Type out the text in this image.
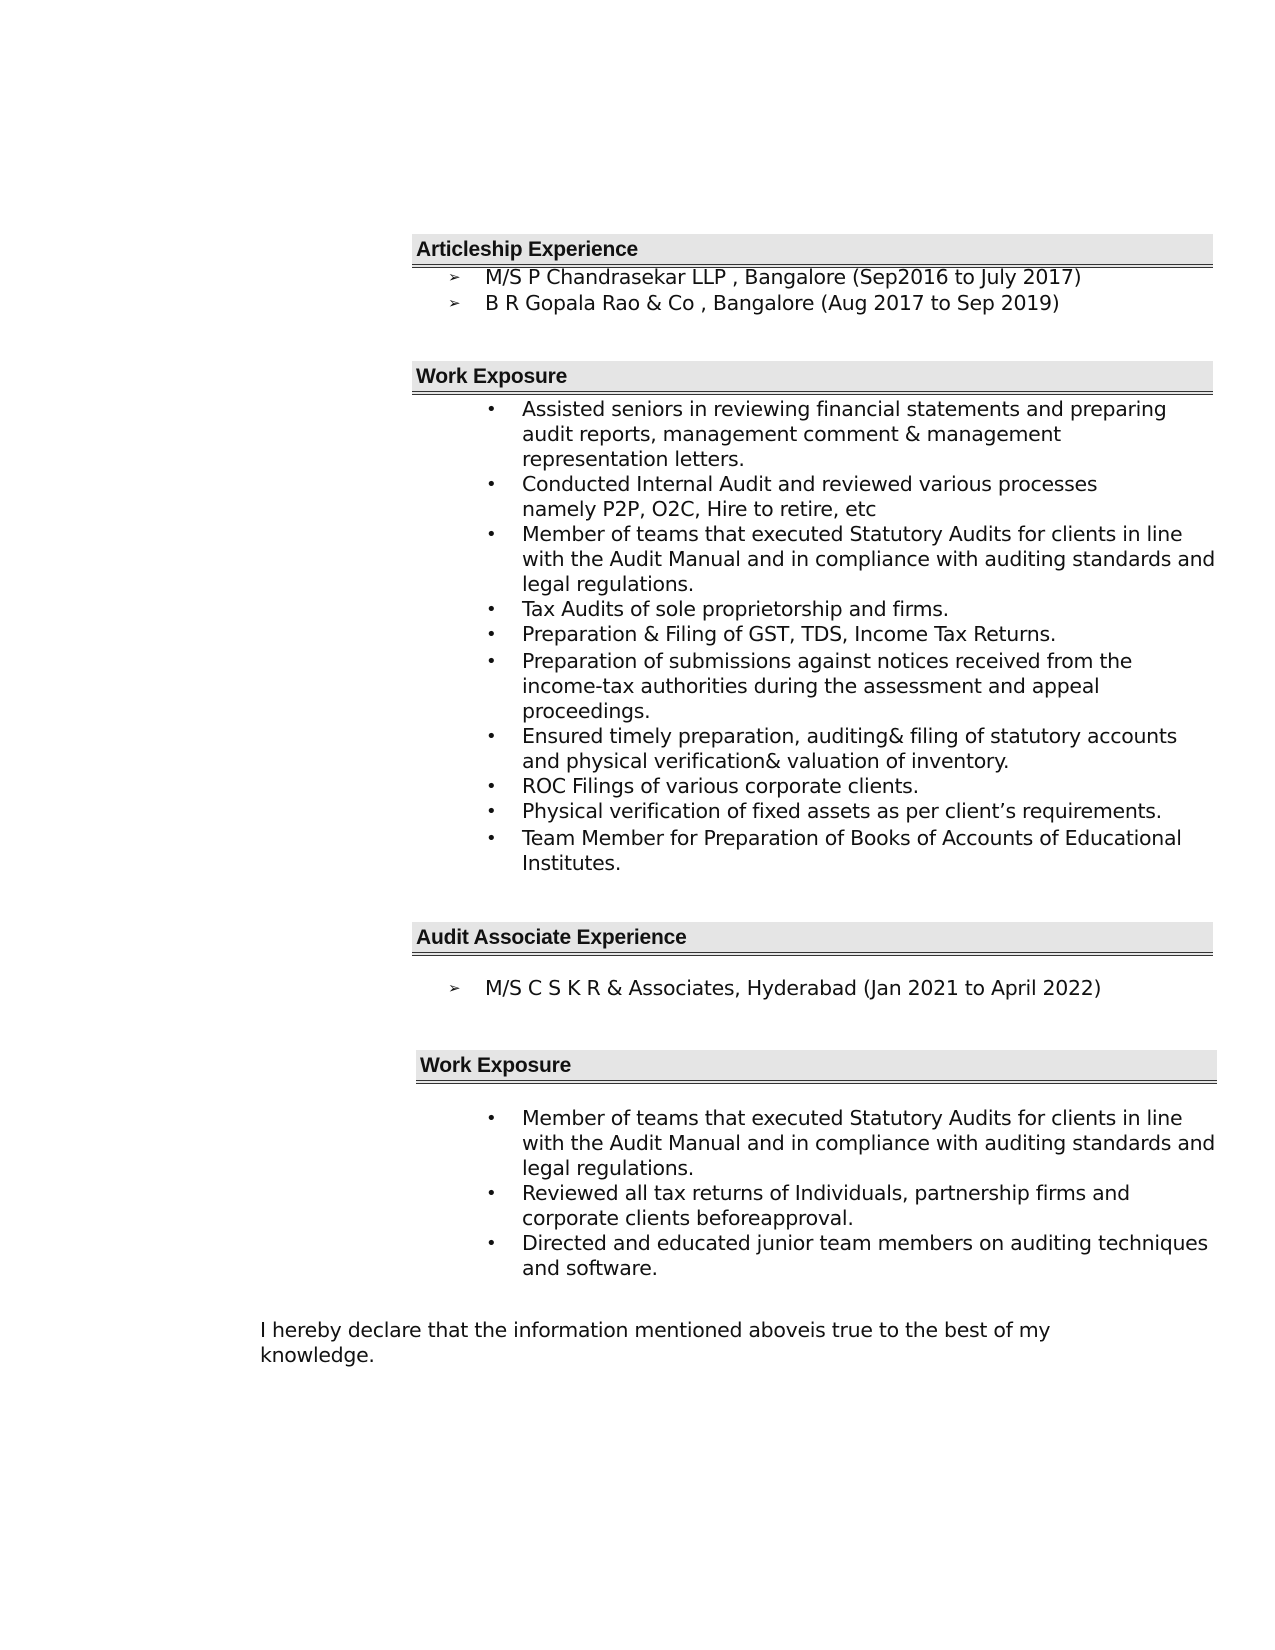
Articleship Experience
➢ M/S P Chandrasekar LLP , Bangalore (Sep2016 to July 2017)
➢ B R Gopala Rao & Co , Bangalore (Aug 2017 to Sep 2019)
Work Exposure
• Assisted seniors in reviewing financial statements and preparing
audit reports, management comment & management
representation letters.
• Conducted Internal Audit and reviewed various processes
namely P2P, O2C, Hire to retire, etc
• Member of teams that executed Statutory Audits for clients in line
with the Audit Manual and in compliance with auditing standards and
legal regulations.
• Tax Audits of sole proprietorship and firms.
• Preparation & Filing of GST, TDS, Income Tax Returns.
• Preparation of submissions against notices received from the
income-tax authorities during the assessment and appeal
proceedings.
• Ensured timely preparation, auditing& filing of statutory accounts
and physical verification& valuation of inventory.
• ROC Filings of various corporate clients.
• Physical verification of fixed assets as per client’s requirements.
• Team Member for Preparation of Books of Accounts of Educational
Institutes.
Audit Associate Experience
➢ M/S C S K R & Associates, Hyderabad (Jan 2021 to April 2022)
Work Exposure
• Member of teams that executed Statutory Audits for clients in line
with the Audit Manual and in compliance with auditing standards and
legal regulations.
• Reviewed all tax returns of Individuals, partnership firms and
corporate clients beforeapproval.
• Directed and educated junior team members on auditing techniques
and software.
I hereby declare that the information mentioned aboveis true to the best of my
knowledge.
